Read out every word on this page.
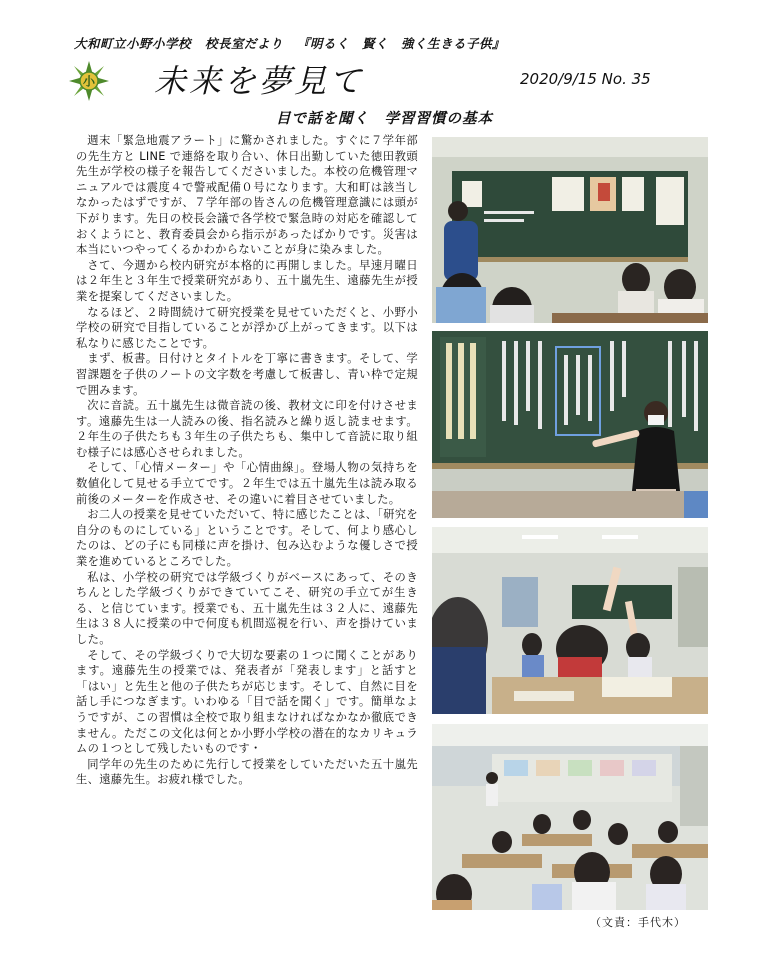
大和町立小野小学校 校長室だより 『明るく　賢く　強く生きる子供』
小 未来を夢見て	2020/9/15 No. 35
目で話を聞く　学習習慣の基本

週末「緊急地震アラート」に驚かされました。すぐに７学年部の先生方と LINE で連絡を取り合い、休日出勤していた徳田教頭先生が学校の様子を報告してくださいました。本校の危機管理マニュアルでは震度４で警戒配備０号になります。大和町は該当しなかったはずですが、７学年部の皆さんの危機管理意識には頭が下がります。先日の校長会議で各学校で緊急時の対応を確認しておくようにと、教育委員会から指示があったばかりです。災害は本当にいつやってくるかわからないことが身に染みました。

さて、今週から校内研究が本格的に再開しました。早速月曜日は２年生と３年生で授業研究があり、五十嵐先生、遠藤先生が授業を提案してくださいました。

なるほど、２時間続けて研究授業を見せていただくと、小野小学校の研究で目指していることが浮かび上がってきます。以下は私なりに感じたことです。

まず、板書。日付けとタイトルを丁寧に書きます。そして、学習課題を子供のノートの文字数を考慮して板書し、青い枠で定規で囲みます。

次に音読。五十嵐先生は微音読の後、教材文に印を付けさせます。遠藤先生は一人読みの後、指名読みと繰り返し読ませます。２年生の子供たちも３年生の子供たちも、集中して音読に取り組む様子には感心させられました。

そして、「心情メーター」や「心情曲線」。登場人物の気持ちを数値化して見せる手立てです。２年生では五十嵐先生は読み取る前後のメーターを作成させ、その違いに着目させていました。

お二人の授業を見せていただいて、特に感じたことは、「研究を自分のものにしている」ということです。そして、何より感心したのは、どの子にも同様に声を掛け、包み込むような優しさで授業を進めているところでした。

私は、小学校の研究では学級づくりがベースにあって、そのきちんとした学級づくりができていてこそ、研究の手立てが生きる、と信じています。授業でも、五十嵐先生は３２人に、遠藤先生は３８人に授業の中で何度も机間巡視を行い、声を掛けていました。

そして、その学級づくりで大切な要素の１つに聞くことがあります。遠藤先生の授業では、発表者が「発表します」と話すと「はい」と先生と他の子供たちが応じます。そして、自然に目を話し手につなぎます。いわゆる「目で話を聞く」です。簡単なようですが、この習慣は全校で取り組まなければなかなか徹底できません。ただこの文化は何とか小野小学校の潜在的なカリキュラムの１つとして残したいものです・

同学年の先生のために先行して授業をしていただいた五十嵐先生、遠藤先生。お疲れ様でした。

（文責：手代木）
